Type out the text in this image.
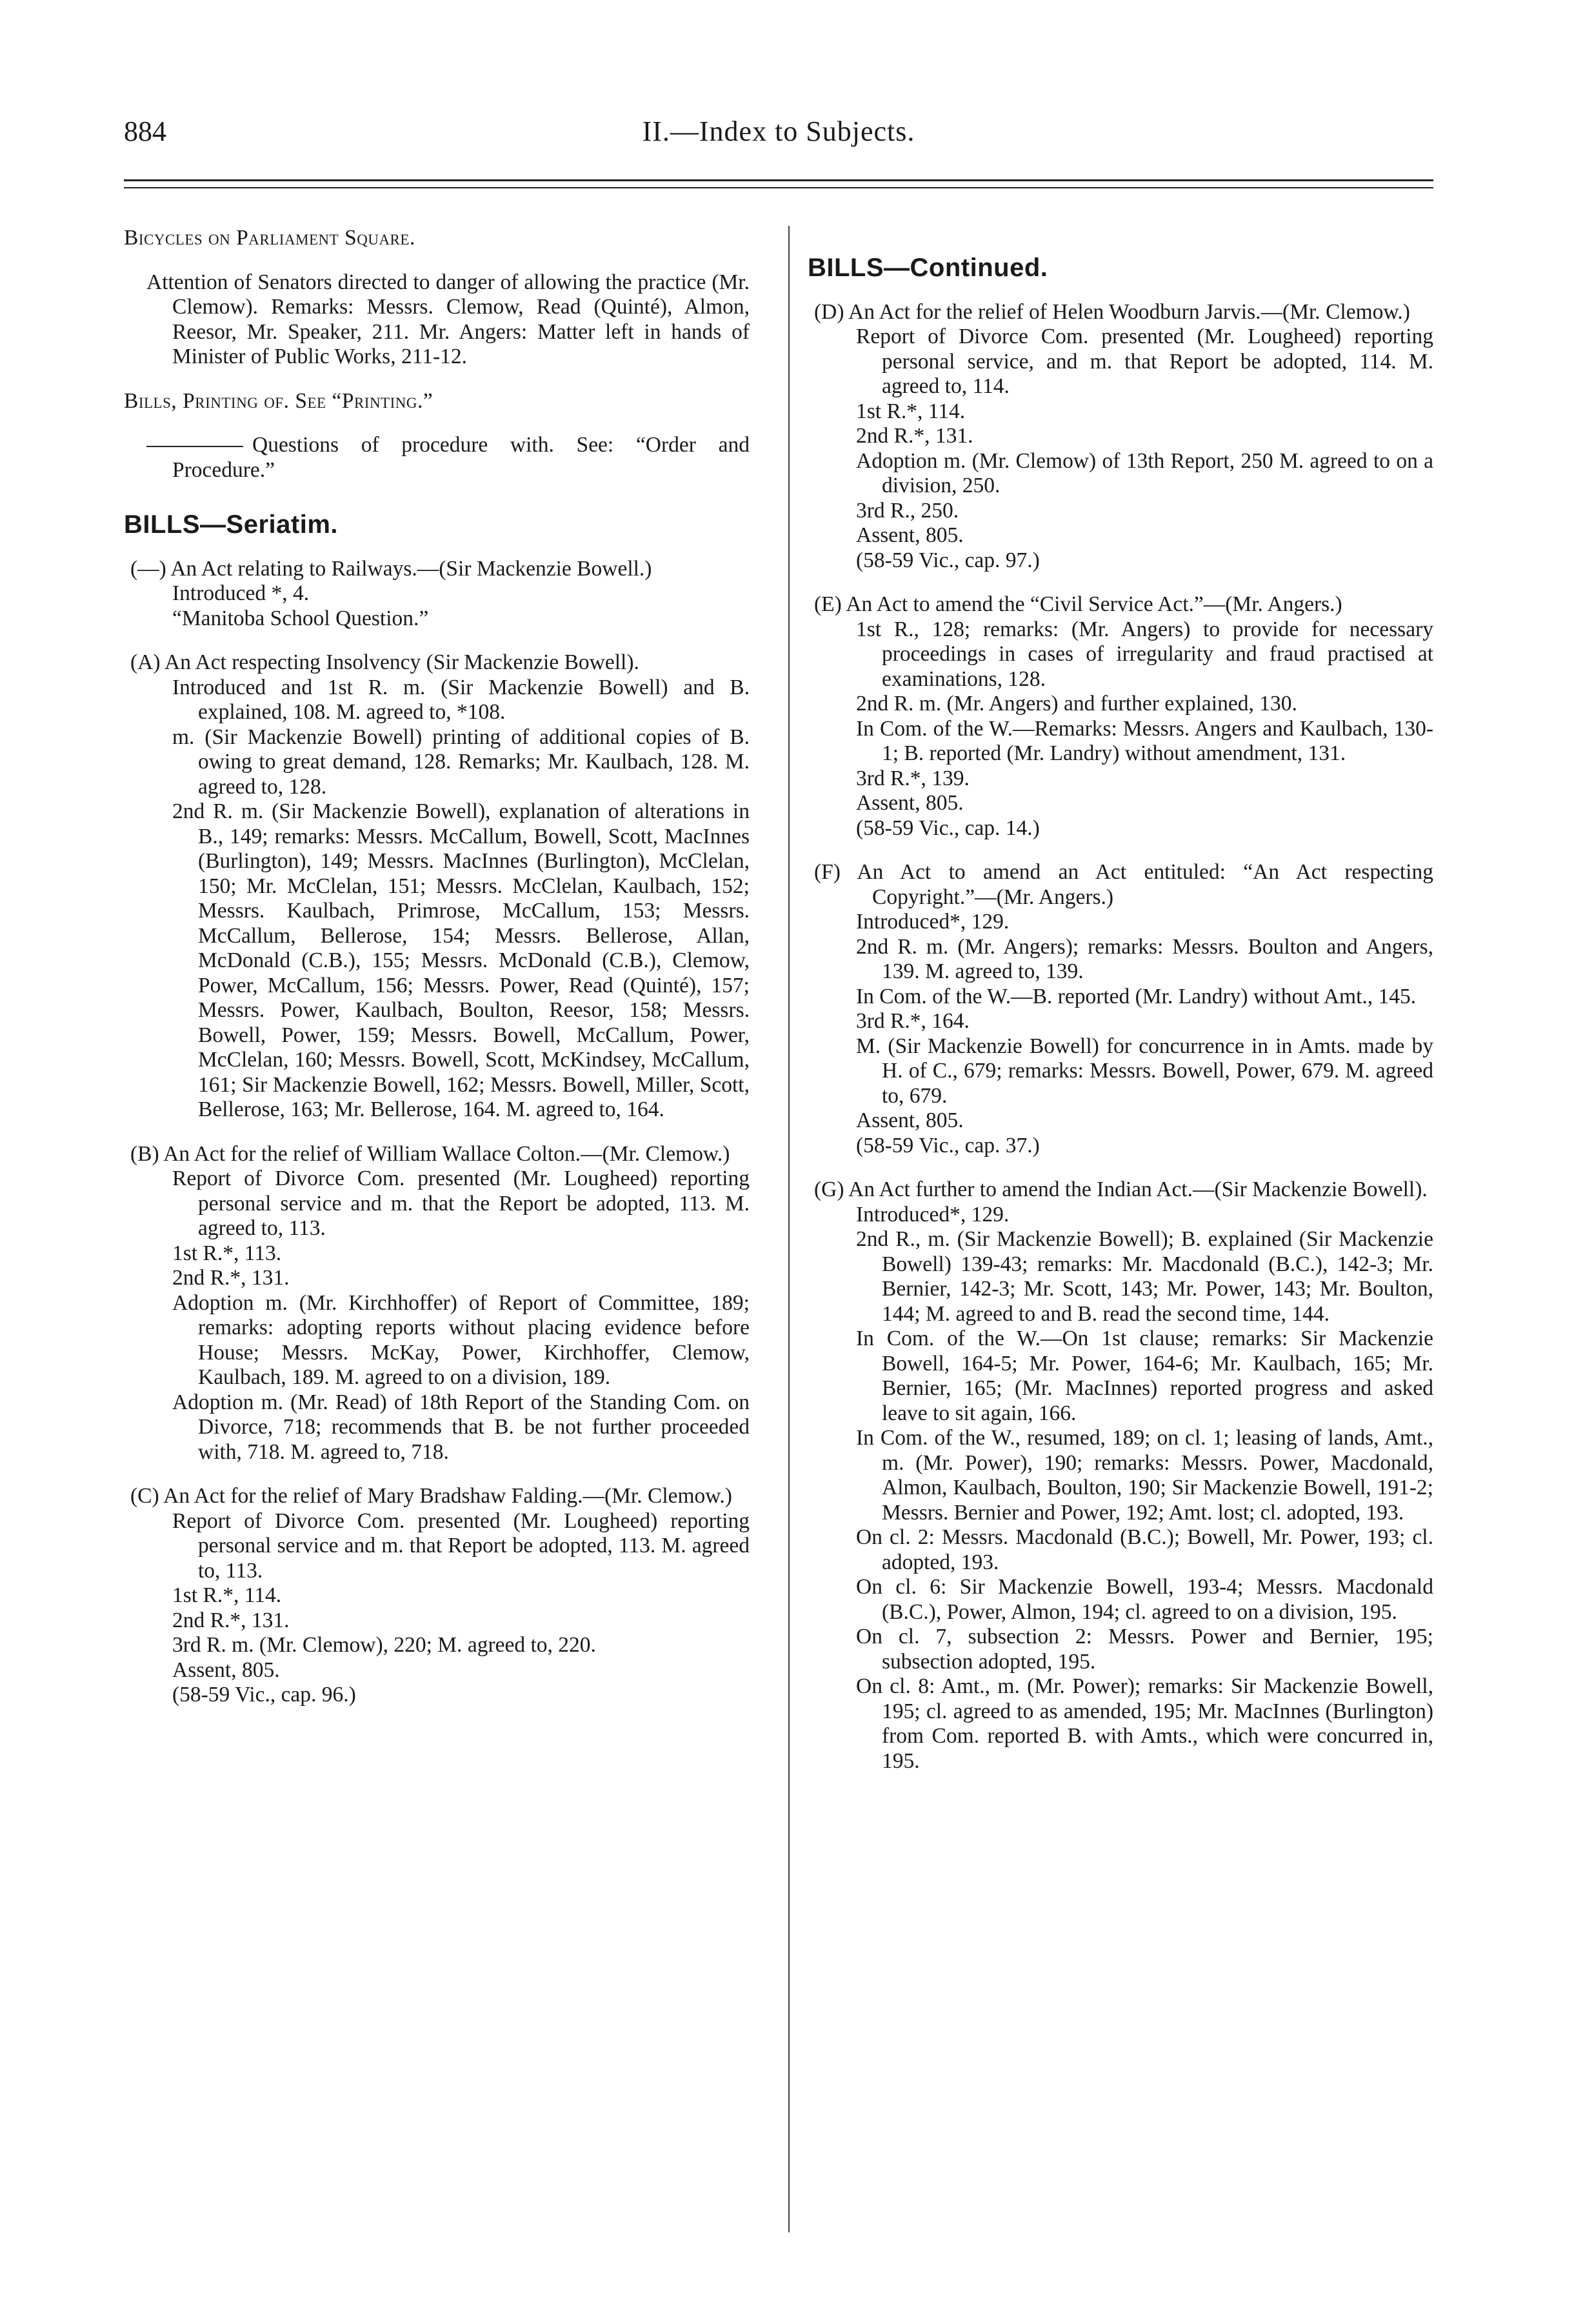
884	II.—Index to Subjects.
Bicycles on Parliament Square.
Attention of Senators directed to danger of allowing the practice (Mr. Clemow). Remarks: Messrs. Clemow, Read (Quinté), Almon, Reesor, Mr. Speaker, 211. Mr. Angers: Matter left in hands of Minister of Public Works, 211-12.
Bills, Printing of. See “Printing.”
Questions of procedure with. See: “Order and Procedure.”
BILLS—Seriatim.
(—) An Act relating to Railways.—(Sir Mackenzie Bowell.)
Introduced *, 4.
“Manitoba School Question.”
(A) An Act respecting Insolvency (Sir Mackenzie Bowell).
Introduced and 1st R. m. (Sir Mackenzie Bowell) and B. explained, 108. M. agreed to, *108.
m. (Sir Mackenzie Bowell) printing of additional copies of B. owing to great demand, 128. Remarks; Mr. Kaulbach, 128. M. agreed to, 128.
2nd R. m. (Sir Mackenzie Bowell), explanation of alterations in B., 149; remarks: Messrs. McCallum, Bowell, Scott, MacInnes (Burlington), 149; Messrs. MacInnes (Burlington), McClelan, 150; Mr. McClelan, 151; Messrs. McClelan, Kaulbach, 152; Messrs. Kaulbach, Primrose, McCallum, 153; Messrs. McCallum, Bellerose, 154; Messrs. Bellerose, Allan, McDonald (C.B.), 155; Messrs. McDonald (C.B.), Clemow, Power, McCallum, 156; Messrs. Power, Read (Quinté), 157; Messrs. Power, Kaulbach, Boulton, Reesor, 158; Messrs. Bowell, Power, 159; Messrs. Bowell, McCallum, Power, McClelan, 160; Messrs. Bowell, Scott, McKindsey, McCallum, 161; Sir Mackenzie Bowell, 162; Messrs. Bowell, Miller, Scott, Bellerose, 163; Mr. Bellerose, 164. M. agreed to, 164.
(B) An Act for the relief of William Wallace Colton.—(Mr. Clemow.)
Report of Divorce Com. presented (Mr. Lougheed) reporting personal service and m. that the Report be adopted, 113. M. agreed to, 113.
1st R.*, 113.
2nd R.*, 131.
Adoption m. (Mr. Kirchhoffer) of Report of Committee, 189; remarks: adopting reports without placing evidence before House; Messrs. McKay, Power, Kirchhoffer, Clemow, Kaulbach, 189. M. agreed to on a division, 189.
Adoption m. (Mr. Read) of 18th Report of the Standing Com. on Divorce, 718; recommends that B. be not further proceeded with, 718. M. agreed to, 718.
(C) An Act for the relief of Mary Bradshaw Falding.—(Mr. Clemow.)
Report of Divorce Com. presented (Mr. Lougheed) reporting personal service and m. that Report be adopted, 113. M. agreed to, 113.
1st R.*, 114.
2nd R.*, 131.
3rd R. m. (Mr. Clemow), 220; M. agreed to, 220.
Assent, 805.
(58-59 Vic., cap. 96.)
BILLS—Continued.
(D) An Act for the relief of Helen Woodburn Jarvis.—(Mr. Clemow.)
Report of Divorce Com. presented (Mr. Lougheed) reporting personal service, and m. that Report be adopted, 114. M. agreed to, 114.
1st R.*, 114.
2nd R.*, 131.
Adoption m. (Mr. Clemow) of 13th Report, 250 M. agreed to on a division, 250.
3rd R., 250.
Assent, 805.
(58-59 Vic., cap. 97.)
(E) An Act to amend the “Civil Service Act.”—(Mr. Angers.)
1st R., 128; remarks: (Mr. Angers) to provide for necessary proceedings in cases of irregularity and fraud practised at examinations, 128.
2nd R. m. (Mr. Angers) and further explained, 130.
In Com. of the W.—Remarks: Messrs. Angers and Kaulbach, 130-1; B. reported (Mr. Landry) without amendment, 131.
3rd R.*, 139.
Assent, 805.
(58-59 Vic., cap. 14.)
(F) An Act to amend an Act entituled: “An Act respecting Copyright.”—(Mr. Angers.)
Introduced*, 129.
2nd R. m. (Mr. Angers); remarks: Messrs. Boulton and Angers, 139. M. agreed to, 139.
In Com. of the W.—B. reported (Mr. Landry) without Amt., 145.
3rd R.*, 164.
M. (Sir Mackenzie Bowell) for concurrence in in Amts. made by H. of C., 679; remarks: Messrs. Bowell, Power, 679. M. agreed to, 679.
Assent, 805.
(58-59 Vic., cap. 37.)
(G) An Act further to amend the Indian Act.—(Sir Mackenzie Bowell).
Introduced*, 129.
2nd R., m. (Sir Mackenzie Bowell); B. explained (Sir Mackenzie Bowell) 139-43; remarks: Mr. Macdonald (B.C.), 142-3; Mr. Bernier, 142-3; Mr. Scott, 143; Mr. Power, 143; Mr. Boulton, 144; M. agreed to and B. read the second time, 144.
In Com. of the W.—On 1st clause; remarks: Sir Mackenzie Bowell, 164-5; Mr. Power, 164-6; Mr. Kaulbach, 165; Mr. Bernier, 165; (Mr. MacInnes) reported progress and asked leave to sit again, 166.
In Com. of the W., resumed, 189; on cl. 1; leasing of lands, Amt., m. (Mr. Power), 190; remarks: Messrs. Power, Macdonald, Almon, Kaulbach, Boulton, 190; Sir Mackenzie Bowell, 191-2; Messrs. Bernier and Power, 192; Amt. lost; cl. adopted, 193.
On cl. 2: Messrs. Macdonald (B.C.); Bowell, Mr. Power, 193; cl. adopted, 193.
On cl. 6: Sir Mackenzie Bowell, 193-4; Messrs. Macdonald (B.C.), Power, Almon, 194; cl. agreed to on a division, 195.
On cl. 7, subsection 2: Messrs. Power and Bernier, 195; subsection adopted, 195.
On cl. 8: Amt., m. (Mr. Power); remarks: Sir Mackenzie Bowell, 195; cl. agreed to as amended, 195; Mr. MacInnes (Burlington) from Com. reported B. with Amts., which were concurred in, 195.
